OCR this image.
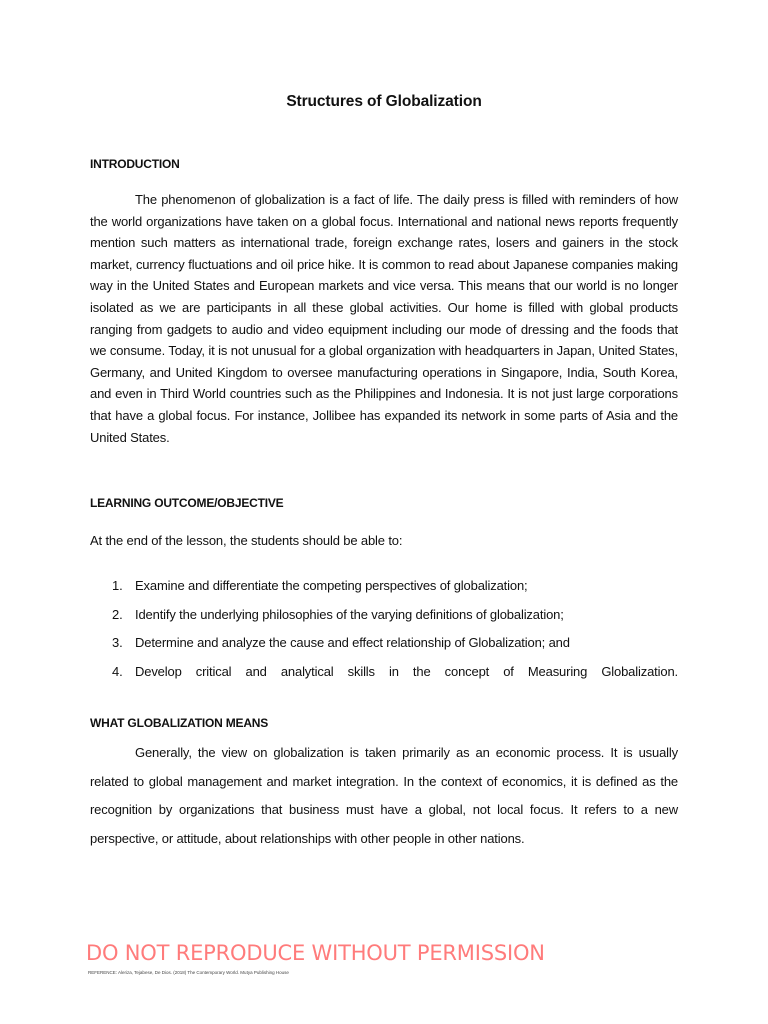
Structures of Globalization
INTRODUCTION

The phenomenon of globalization is a fact of life. The daily press is filled with reminders of how the world organizations have taken on a global focus. International and national news reports frequently mention such matters as international trade, foreign exchange rates, losers and gainers in the stock market, currency fluctuations and oil price hike. It is common to read about Japanese companies making way in the United States and European markets and vice versa. This means that our world is no longer isolated as we are participants in all these global activities. Our home is filled with global products ranging from gadgets to audio and video equipment including our mode of dressing and the foods that we consume. Today, it is not unusual for a global organization with headquarters in Japan, United States, Germany, and United Kingdom to oversee manufacturing operations in Singapore, India, South Korea, and even in Third World countries such as the Philippines and Indonesia. It is not just large corporations that have a global focus. For instance, Jollibee has expanded its network in some parts of Asia and the United States.

LEARNING OUTCOME/OBJECTIVE
At the end of the lesson, the students should be able to:
1. Examine and differentiate the competing perspectives of globalization;
2. Identify the underlying philosophies of the varying definitions of globalization;
3. Determine and analyze the cause and effect relationship of Globalization; and
4. Develop critical and analytical skills in the concept of Measuring Globalization.
WHAT GLOBALIZATION MEANS

Generally, the view on globalization is taken primarily as an economic process. It is usually related to global management and market integration. In the context of economics, it is defined as the recognition by organizations that business must have a global, not local focus. It refers to a new perspective, or attitude, about relationships with other people in other nations.

DO NOT REPRODUCE WITHOUT PERMISSION
REFERENCE: Aleriza, Tejabese, De Dios. (2018) The Contemporary World. Mutya Publishing House
